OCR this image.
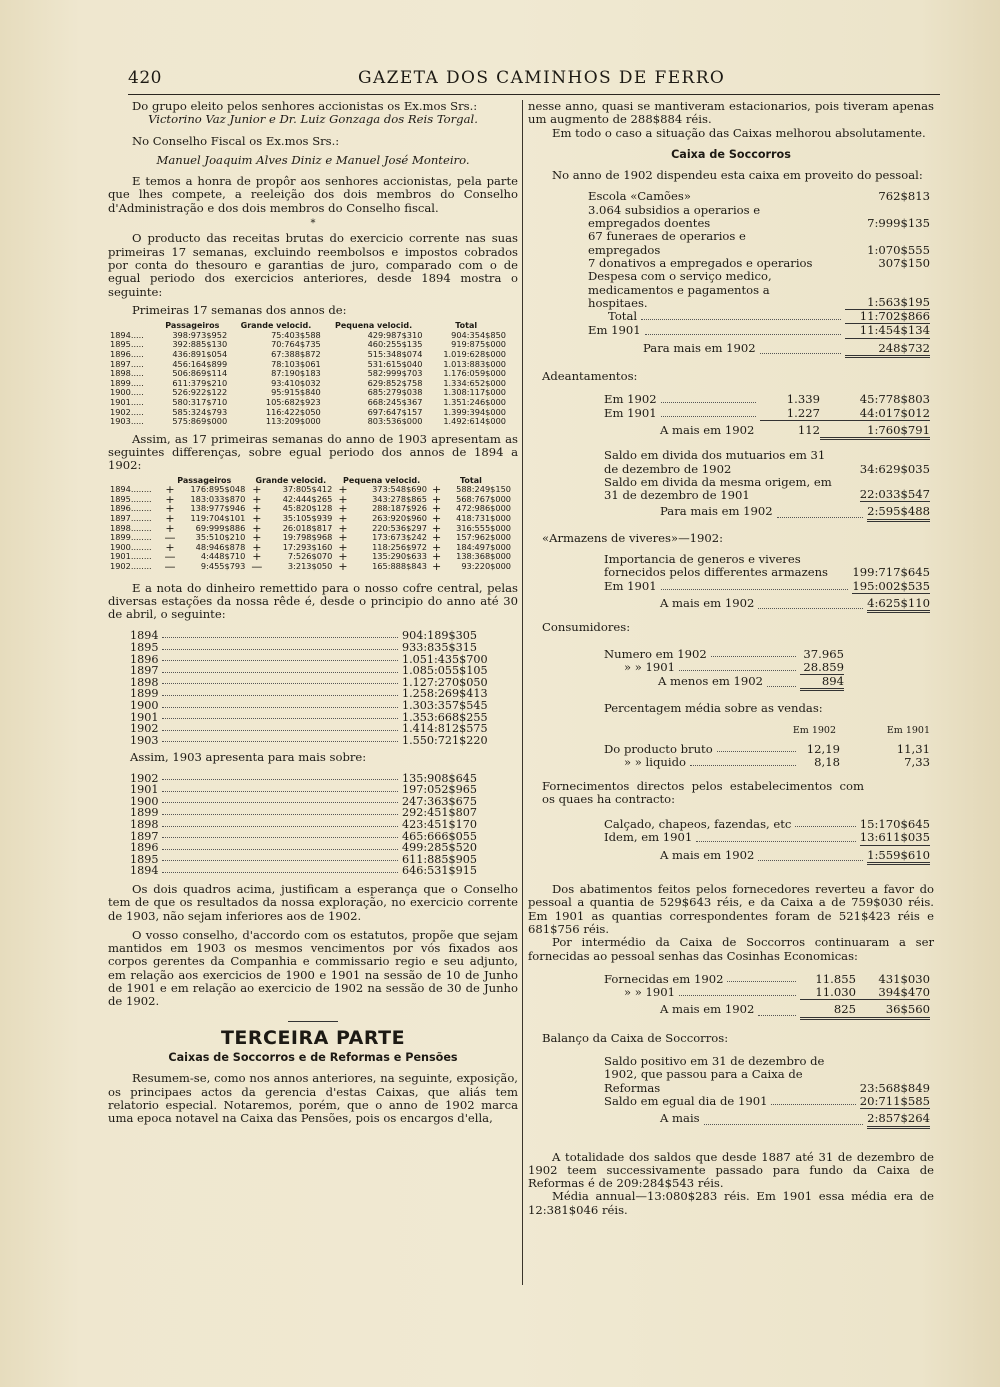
420	GAZETA DOS CAMINHOS DE FERRO

Do grupo eleito pelos senhores accionistas os Ex.mos Srs.:

Victorino Vaz Junior e Dr. Luiz Gonzaga dos Reis Torgal.

No Conselho Fiscal os Ex.mos Srs.:

Manuel Joaquim Alves Diniz e Manuel José Monteiro.

E temos a honra de propôr aos senhores accionistas, pela parte que lhes compete, a reeleição dos dois membros do Conselho d'Administração e dos dois membros do Conselho fiscal.

*

O producto das receitas brutas do exercicio corrente nas suas primeiras 17 semanas, excluindo reembolsos e impostos cobrados por conta do thesouro e garantias de juro, comparado com o de egual periodo dos exercicios anteriores, desde 1894 mostra o seguinte:

Primeiras 17 semanas dos annos de:

	Passageiros	Grande velocid.	Pequena velocid.	Total
1894.....	398:973$952	75:403$588	429:987$310	904:354$850
1895.....	392:885$130	70:764$735	460:255$135	919:875$000
1896.....	436:891$054	67:388$872	515:348$074	1.019:628$000
1897.....	456:164$899	78:103$061	531:615$040	1.013:883$000
1898.....	506:869$114	87:190$183	582:999$703	1.176:059$000
1899.....	611:379$210	93:410$032	629:852$758	1.334:652$000
1900.....	526:922$122	95:915$840	685:279$038	1.308:117$000
1901.....	580:317$710	105:682$923	668:245$367	1.351:246$000
1902.....	585:324$793	116:422$050	697:647$157	1.399:394$000
1903.....	575:869$000	113:209$000	803:536$000	1.492:614$000

Assim, as 17 primeiras semanas do anno de 1903 apresentam as seguintes differenças, sobre egual periodo dos annos de 1894 a 1902:

	Passageiros		Grande velocid.		Pequena velocid.		Total	
1894........	+	176:895$048	+	37:805$412	+	373:548$690	+	588:249$150
1895........	+	183:033$870	+	42:444$265	+	343:278$865	+	568:767$000
1896........	+	138:977$946	+	45:820$128	+	288:187$926	+	472:986$000
1897........	+	119:704$101	+	35:105$939	+	263:920$960	+	418:731$000
1898........	+	69:999$886	+	26:018$817	+	220:536$297	+	316:555$000
1899........	—	35:510$210	+	19:798$968	+	173:673$242	+	157:962$000
1900........	+	48:946$878	+	17:293$160	+	118:256$972	+	184:497$000
1901........	—	4:448$710	+	7:526$070	+	135:290$633	+	138:368$000
1902........	—	9:455$793	—	3:213$050	+	165:888$843	+	93:220$000

E a nota do dinheiro remettido para o nosso cofre central, pelas diversas estações da nossa rêde é, desde o principio do anno até 30 de abril, o seguinte:

1894	904:189$305
1895	933:835$315
1896	1.051:435$700
1897	1.085:055$105
1898	1.127:270$050
1899	1.258:269$413
1900	1.303:357$545
1901	1.353:668$255
1902	1.414:812$575
1903	1.550:721$220

Assim, 1903 apresenta para mais sobre:

1902	135:908$645
1901	197:052$965
1900	247:363$675
1899	292:451$807
1898	423:451$170
1897	465:666$055
1896	499:285$520
1895	611:885$905
1894	646:531$915

Os dois quadros acima, justificam a esperança que o Conselho tem de que os resultados da nossa exploração, no exercicio corrente de 1903, não sejam inferiores aos de 1902.

O vosso conselho, d'accordo com os estatutos, propõe que sejam mantidos em 1903 os mesmos vencimentos por vós fixados aos corpos gerentes da Companhia e commissario regio e seu adjunto, em relação aos exercicios de 1900 e 1901 na sessão de 10 de Junho de 1901 e em relação ao exercicio de 1902 na sessão de 30 de Junho de 1902.

TERCEIRA PARTE
Caixas de Soccorros e de Reformas e Pensões

Resumem-se, como nos annos anteriores, na seguinte, exposição, os principaes actos da gerencia d'estas Caixas, que aliás tem relatorio especial. Notaremos, porém, que o anno de 1902 marca uma epoca notavel na Caixa das Pensões, pois os encargos d'ella,

nesse anno, quasi se mantiveram estacionarios, pois tiveram apenas um augmento de 288$884 réis.

Em todo o caso a situação das Caixas melhorou absolutamente.

Caixa de Soccorros

No anno de 1902 dispendeu esta caixa em proveito do pessoal:

Escola «Camões»	762$813
3.064 subsidios a operarios e empregados doentes	7:999$135
67 funeraes de operarios e empregados	1:070$555
7 donativos a empregados e operarios	307$150
Despesa com o serviço medico, medicamentos e pagamentos a hospitaes.	1:563$195
Total	11:702$866
Em 1901	11:454$134
Para mais em 1902	248$732

Adeantamentos:

Em 1902	1.339	45:778$803
Em 1901	1.227	44:017$012
A mais em 1902	112	1:760$791
Saldo em divida dos mutuarios em 31 de dezembro de 1902	34:629$035
Saldo em divida da mesma origem, em 31 de dezembro de 1901	22:033$547
Para mais em 1902	2:595$488

«Armazens de viveres»—1902:

Importancia de generos e viveres fornecidos pelos differentes armazens	199:717$645
Em 1901	195:002$535
A mais em 1902	4:625$110

Consumidores:

Numero em 1902	37.965
» » 1901	28.859
A menos em 1902	894

Percentagem média sobre as vendas:

Em 1902	Em 1901
Do producto bruto	12,19	11,31
» » liquido	8,18	7,33

Fornecimentos directos pelos estabelecimentos com os quaes ha contracto:

Calçado, chapeos, fazendas, etc	15:170$645
Idem, em 1901	13:611$035
A mais em 1902	1:559$610

Dos abatimentos feitos pelos fornecedores reverteu a favor do pessoal a quantia de 529$643 réis, e da Caixa a de 759$030 réis. Em 1901 as quantias correspondentes foram de 521$423 réis e 681$756 réis.

Por intermédio da Caixa de Soccorros continuaram a ser fornecidas ao pessoal senhas das Cosinhas Economicas:

Fornecidas em 1902	11.855	431$030
» » 1901	11.030	394$470
A mais em 1902	825	36$560

Balanço da Caixa de Soccorros:

Saldo positivo em 31 de dezembro de 1902, que passou para a Caixa de Reformas	23:568$849
Saldo em egual dia de 1901	20:711$585
A mais	2:857$264

A totalidade dos saldos que desde 1887 até 31 de dezembro de 1902 teem successivamente passado para fundo da Caixa de Reformas é de 209:284$543 réis.

Média annual—13:080$283 réis. Em 1901 essa média era de 12:381$046 réis.
